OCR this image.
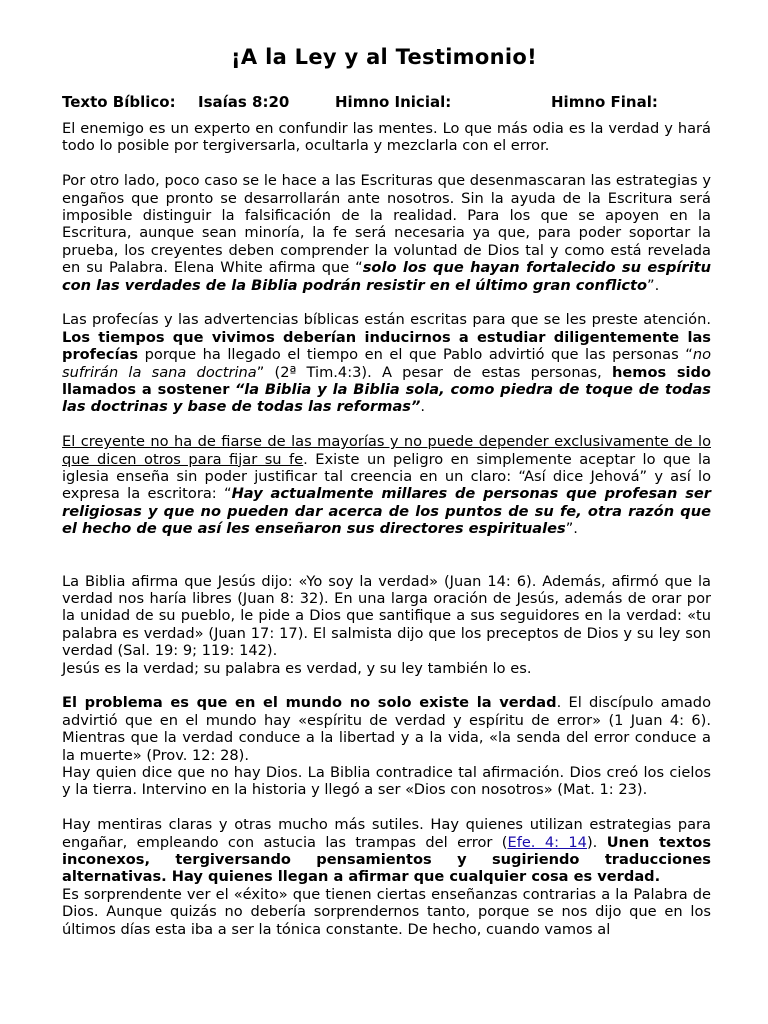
¡A la Ley y al Testimonio!
Texto Bíblico: Isaías 8:20	Himno Inicial:	Himno Final:

El enemigo es un experto en confundir las mentes. Lo que más odia es la verdad y hará todo lo posible por tergiversarla, ocultarla y mezclarla con el error.

Por otro lado, poco caso se le hace a las Escrituras que desenmascaran las estrategias y engaños que pronto se desarrollarán ante nosotros. Sin la ayuda de la Escritura será imposible distinguir la falsificación de la realidad. Para los que se apoyen en la Escritura, aunque sean minoría, la fe será necesaria ya que, para poder soportar la prueba, los creyentes deben comprender la voluntad de Dios tal y como está revelada en su Palabra. Elena White afirma que “solo los que hayan fortalecido su espíritu con las verdades de la Biblia podrán resistir en el último gran conflicto”.

Las profecías y las advertencias bíblicas están escritas para que se les preste atención. Los tiempos que vivimos deberían inducirnos a estudiar diligentemente las profecías porque ha llegado el tiempo en el que Pablo advirtió que las personas “no sufrirán la sana doctrina” (2ª Tim.4:3). A pesar de estas personas, hemos sido llamados a sostener “la Biblia y la Biblia sola, como piedra de toque de todas las doctrinas y base de todas las reformas”.

El creyente no ha de fiarse de las mayorías y no puede depender exclusivamente de lo que dicen otros para fijar su fe. Existe un peligro en simplemente aceptar lo que la iglesia enseña sin poder justificar tal creencia en un claro: “Así dice Jehová” y así lo expresa la escritora: “Hay actualmente millares de personas que profesan ser religiosas y que no pueden dar acerca de los puntos de su fe, otra razón que el hecho de que así les enseñaron sus directores espirituales”.

La Biblia afirma que Jesús dijo: «Yo soy la verdad» (Juan 14: 6). Además, afirmó que la verdad nos haría libres (Juan 8: 32). En una larga oración de Jesús, además de orar por la unidad de su pueblo, le pide a Dios que santifique a sus seguidores en la verdad: «tu palabra es verdad» (Juan 17: 17). El salmista dijo que los preceptos de Dios y su ley son verdad (Sal. 19: 9; 119: 142).

Jesús es la verdad; su palabra es verdad, y su ley también lo es.

El problema es que en el mundo no solo existe la verdad. El discípulo amado advirtió que en el mundo hay «espíritu de verdad y espíritu de error» (1 Juan 4: 6). Mientras que la verdad conduce a la libertad y a la vida, «la senda del error conduce a la muerte» (Prov. 12: 28).

Hay quien dice que no hay Dios. La Biblia contradice tal afirmación. Dios creó los cielos y la tierra. Intervino en la historia y llegó a ser «Dios con nosotros» (Mat. 1: 23).

Hay mentiras claras y otras mucho más sutiles. Hay quienes utilizan estrategias para engañar, empleando con astucia las trampas del error (Efe. 4: 14). Unen textos inconexos, tergiversando pensamientos y sugiriendo traducciones alternativas. Hay quienes llegan a afirmar que cualquier cosa es verdad.

Es sorprendente ver el «éxito» que tienen ciertas enseñanzas contrarias a la Palabra de Dios. Aunque quizás no debería sorprendernos tanto, porque se nos dijo que en los últimos días esta iba a ser la tónica constante. De hecho, cuando vamos al
